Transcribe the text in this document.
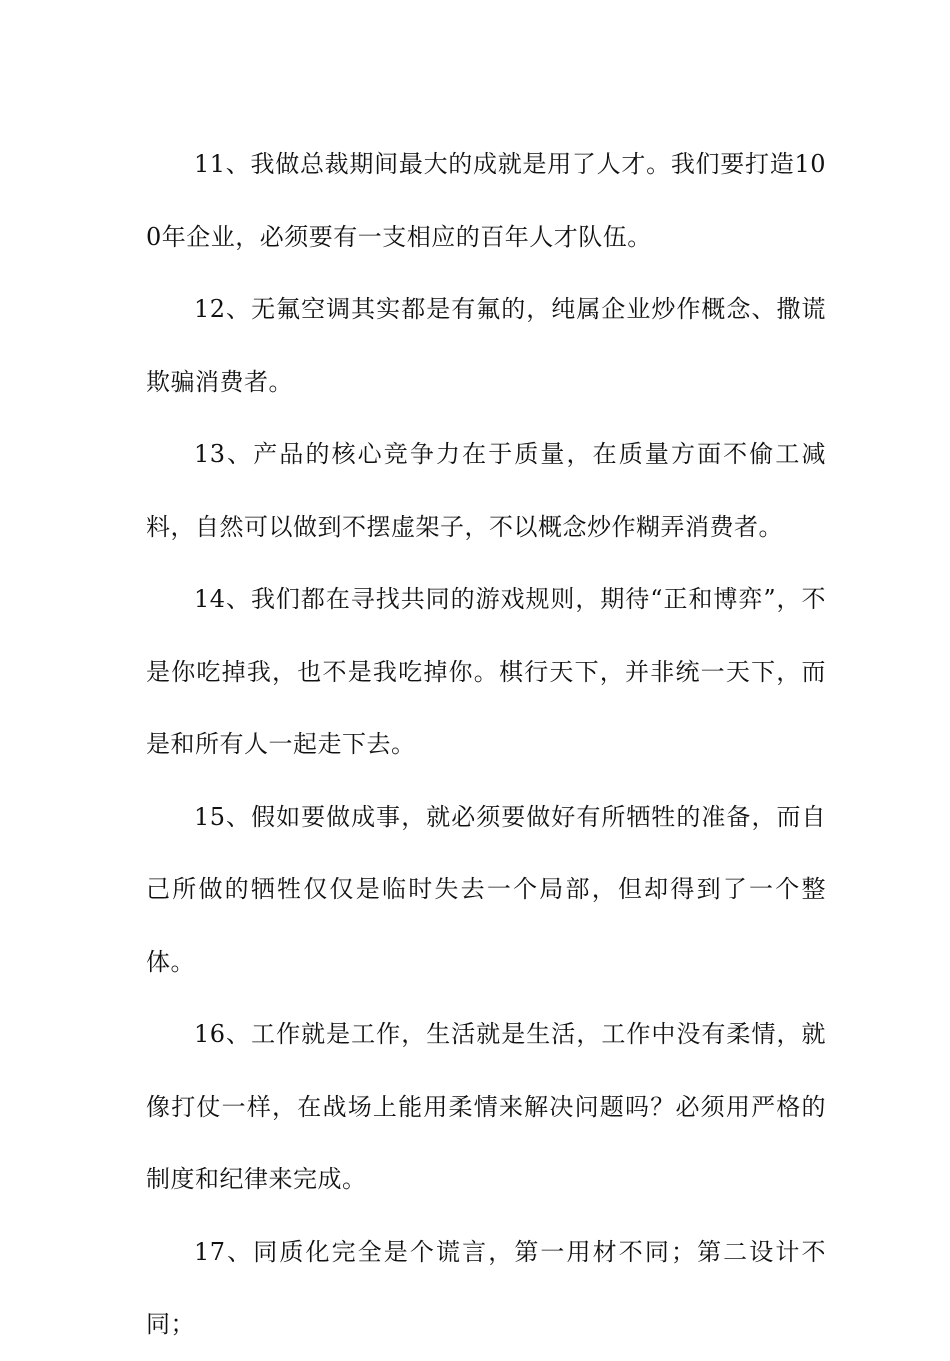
11、我做总裁期间最大的成就是用了人才。我们要打造100年企业，必须要有一支相应的百年人才队伍。

12、无氟空调其实都是有氟的，纯属企业炒作概念、撒谎欺骗消费者。

13、产品的核心竞争力在于质量，在质量方面不偷工减料，自然可以做到不摆虚架子，不以概念炒作糊弄消费者。

14、我们都在寻找共同的游戏规则，期待“正和博弈”，不是你吃掉我，也不是我吃掉你。棋行天下，并非统一天下，而是和所有人一起走下去。

15、假如要做成事，就必须要做好有所牺牲的准备，而自己所做的牺牲仅仅是临时失去一个局部，但却得到了一个整体。

16、工作就是工作，生活就是生活，工作中没有柔情，就像打仗一样，在战场上能用柔情来解决问题吗？必须用严格的制度和纪律来完成。

17、同质化完全是个谎言，第一用材不同；第二设计不同；
